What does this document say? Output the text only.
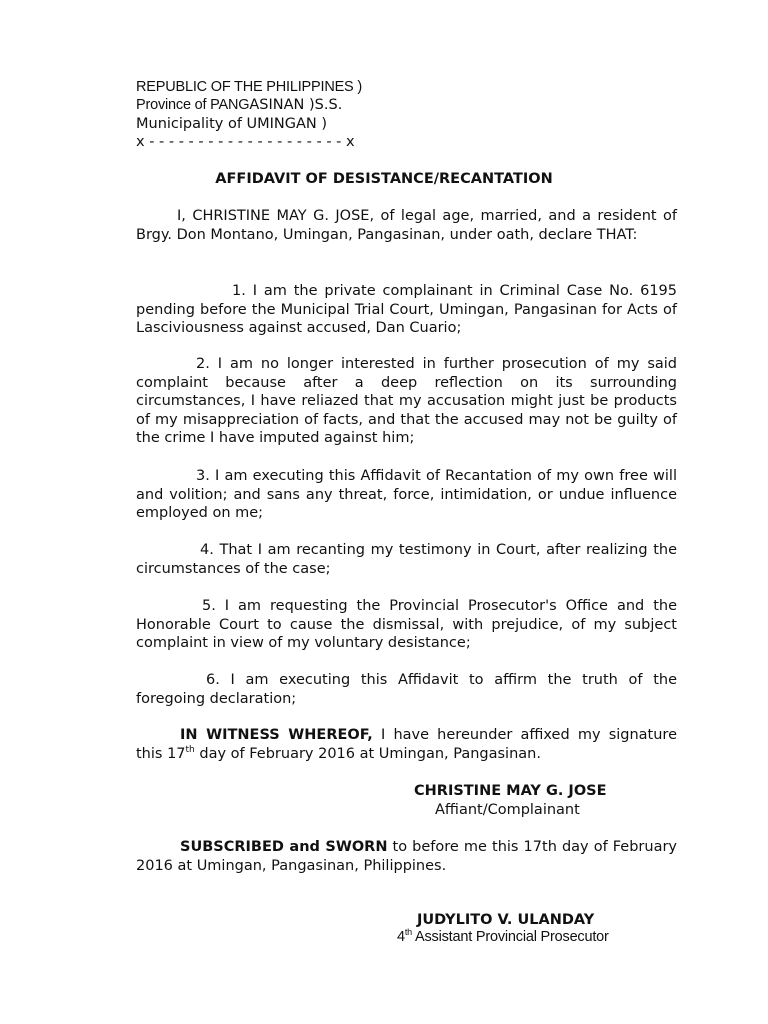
REPUBLIC OF THE PHILIPPINES )
Province of PANGASINAN )S.S.
Municipality of UMINGAN )
x - - - - - - - - - - - - - - - - - - - - x
AFFIDAVIT OF DESISTANCE/RECANTATION

I, CHRISTINE MAY G. JOSE, of legal age, married, and a resident of Brgy. Don Montano, Umingan, Pangasinan, under oath, declare THAT:

1. I am the private complainant in Criminal Case No. 6195 pending before the Municipal Trial Court, Umingan, Pangasinan for Acts of Lasciviousness against accused, Dan Cuario;

2. I am no longer interested in further prosecution of my said complaint because after a deep reflection on its surrounding circumstances, I have reliazed that my accusation might just be products of my misappreciation of facts, and that the accused may not be guilty of the crime I have imputed against him;

3. I am executing this Affidavit of Recantation of my own free will and volition; and sans any threat, force, intimidation, or undue influence employed on me;

4. That I am recanting my testimony in Court, after realizing the circumstances of the case;

5. I am requesting the Provincial Prosecutor's Office and the Honorable Court to cause the dismissal, with prejudice, of my subject complaint in view of my voluntary desistance;

6. I am executing this Affidavit to affirm the truth of the foregoing declaration;

IN WITNESS WHEREOF, I have hereunder affixed my signature this 17th day of February 2016 at Umingan, Pangasinan.

CHRISTINE MAY G. JOSE
Affiant/Complainant

SUBSCRIBED and SWORN to before me this 17th day of February 2016 at Umingan, Pangasinan, Philippines.

JUDYLITO V. ULANDAY
4th Assistant Provincial Prosecutor
